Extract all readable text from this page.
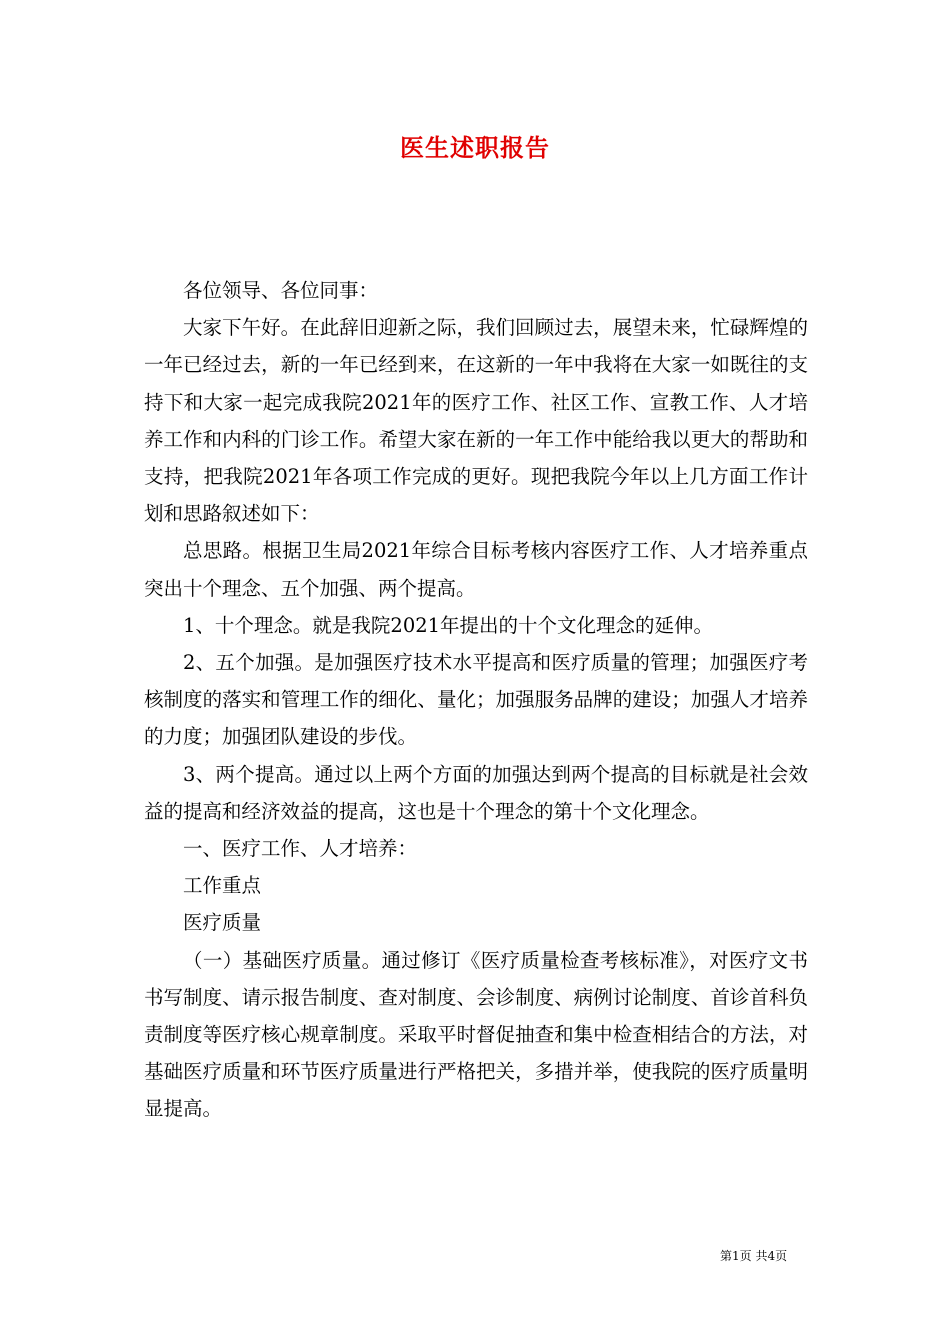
医生述职报告

各位领导、各位同事：

大家下午好。在此辞旧迎新之际，我们回顾过去，展望未来，忙碌辉煌的一年已经过去，新的一年已经到来，在这新的一年中我将在大家一如既往的支持下和大家一起完成我院2021年的医疗工作、社区工作、宣教工作、人才培养工作和内科的门诊工作。希望大家在新的一年工作中能给我以更大的帮助和支持，把我院2021年各项工作完成的更好。现把我院今年以上几方面工作计划和思路叙述如下：

总思路。根据卫生局2021年综合目标考核内容医疗工作、人才培养重点突出十个理念、五个加强、两个提高。

1、十个理念。就是我院2021年提出的十个文化理念的延伸。

2、五个加强。是加强医疗技术水平提高和医疗质量的管理；加强医疗考核制度的落实和管理工作的细化、量化；加强服务品牌的建设；加强人才培养的力度；加强团队建设的步伐。

3、两个提高。通过以上两个方面的加强达到两个提高的目标就是社会效益的提高和经济效益的提高，这也是十个理念的第十个文化理念。

一、医疗工作、人才培养：

工作重点

医疗质量

（一）基础医疗质量。通过修订《医疗质量检查考核标准》，对医疗文书书写制度、请示报告制度、查对制度、会诊制度、病例讨论制度、首诊首科负责制度等医疗核心规章制度。采取平时督促抽查和集中检查相结合的方法，对基础医疗质量和环节医疗质量进行严格把关，多措并举，使我院的医疗质量明显提高。

第1页 共4页
